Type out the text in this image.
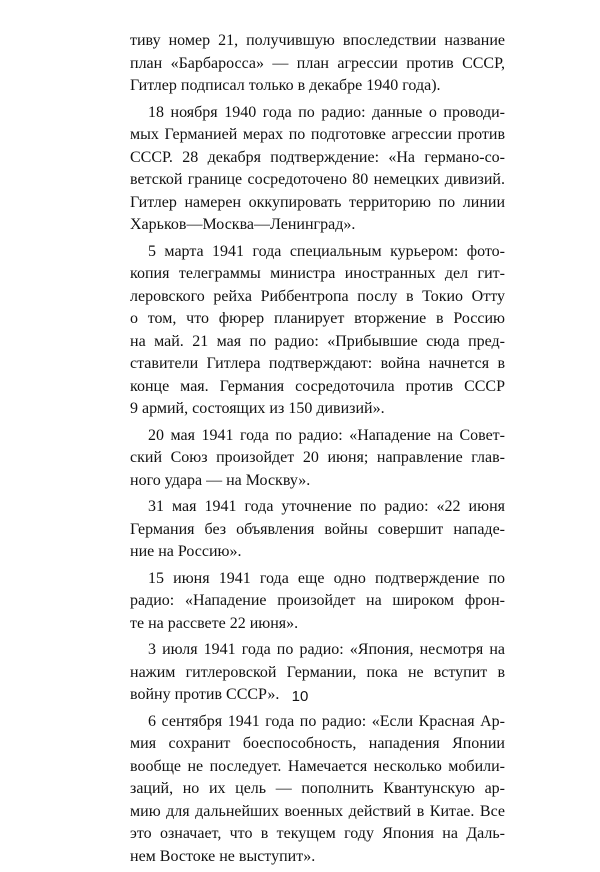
тиву номер 21, получившую впоследствии название
план «Барбаросса» — план агрессии против СССР,
Гитлер подписал только в декабре 1940 года).
18 ноября 1940 года по радио: данные о проводи-
мых Германией мерах по подготовке агрессии против
СССР. 28 декабря подтверждение: «На германо-со-
ветской границе сосредоточено 80 немецких дивизий.
Гитлер намерен оккупировать территорию по линии
Харьков—Москва—Ленинград».
5 марта 1941 года специальным курьером: фото-
копия телеграммы министра иностранных дел гит-
леровского рейха Риббентропа послу в Токио Отту
о том, что фюрер планирует вторжение в Россию
на май. 21 мая по радио: «Прибывшие сюда пред-
ставители Гитлера подтверждают: война начнется в
конце мая. Германия сосредоточила против СССР
9 армий, состоящих из 150 дивизий».
20 мая 1941 года по радио: «Нападение на Совет-
ский Союз произойдет 20 июня; направление глав-
ного удара — на Москву».
31 мая 1941 года уточнение по радио: «22 июня
Германия без объявления войны совершит нападе-
ние на Россию».
15 июня 1941 года еще одно подтверждение по
радио: «Нападение произойдет на широком фрон-
те на рассвете 22 июня».
3 июля 1941 года по радио: «Япония, несмотря на
нажим гитлеровской Германии, пока не вступит в
войну против СССР».
6 сентября 1941 года по радио: «Если Красная Ар-
мия сохранит боеспособность, нападения Японии
вообще не последует. Намечается несколько мобили-
заций, но их цель — пополнить Квантунскую ар-
мию для дальнейших военных действий в Китае. Все
это означает, что в текущем году Япония на Даль-
нем Востоке не выступит».
10
